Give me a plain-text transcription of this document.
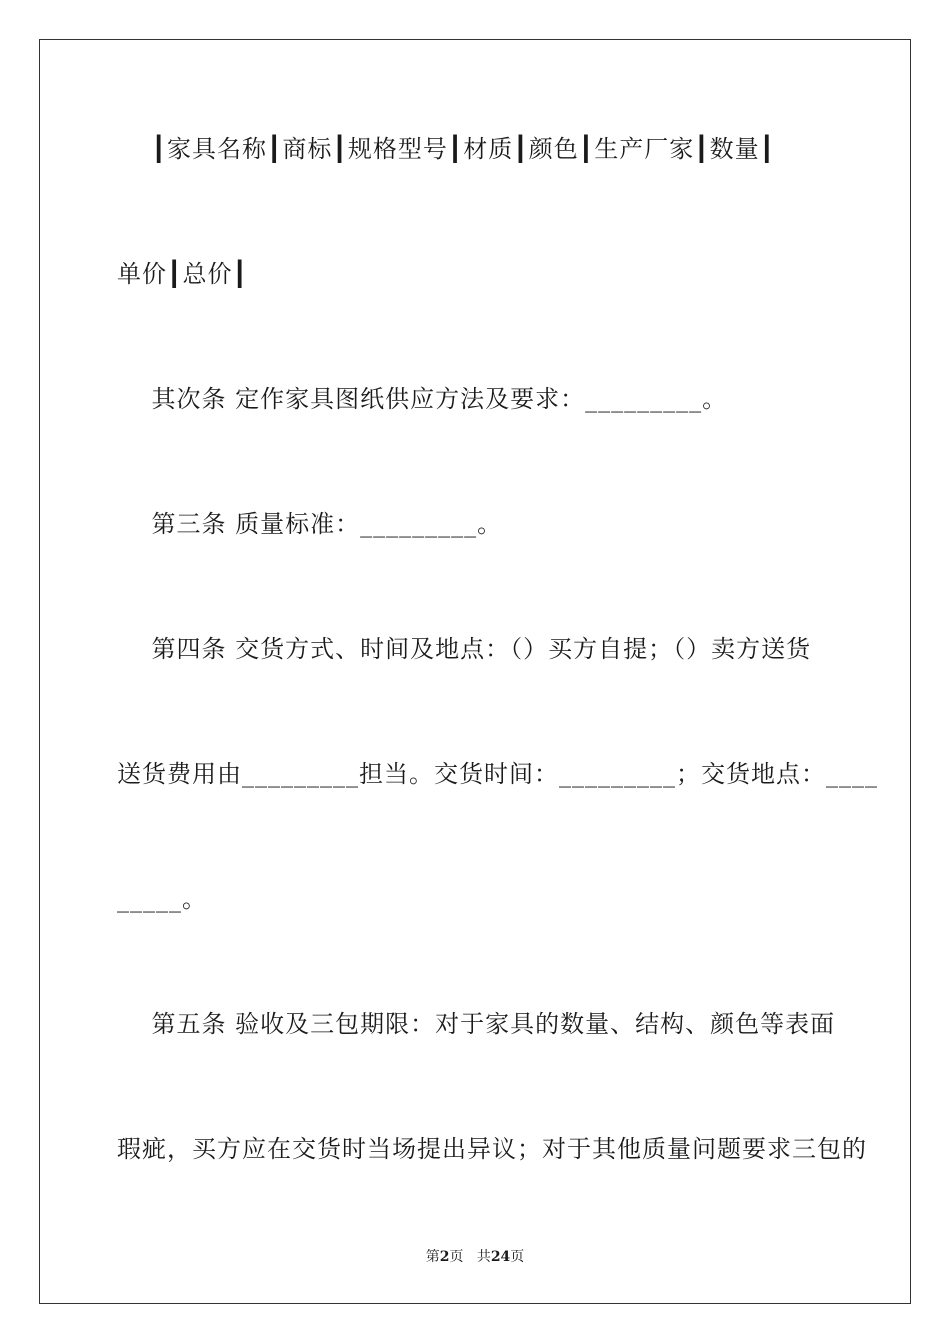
┃家具名称┃商标┃规格型号┃材质┃颜色┃生产厂家┃数量┃
单价┃总价┃
其次条 定作家具图纸供应方法及要求：_________。
第三条 质量标准：_________。
第四条 交货方式、时间及地点：（）买方自提；（）卖方送货
送货费用由_________担当。交货时间：_________；交货地点：____
_____。
第五条 验收及三包期限：对于家具的数量、结构、颜色等表面
瑕疵，买方应在交货时当场提出异议；对于其他质量问题要求三包的
第2页 共24页
